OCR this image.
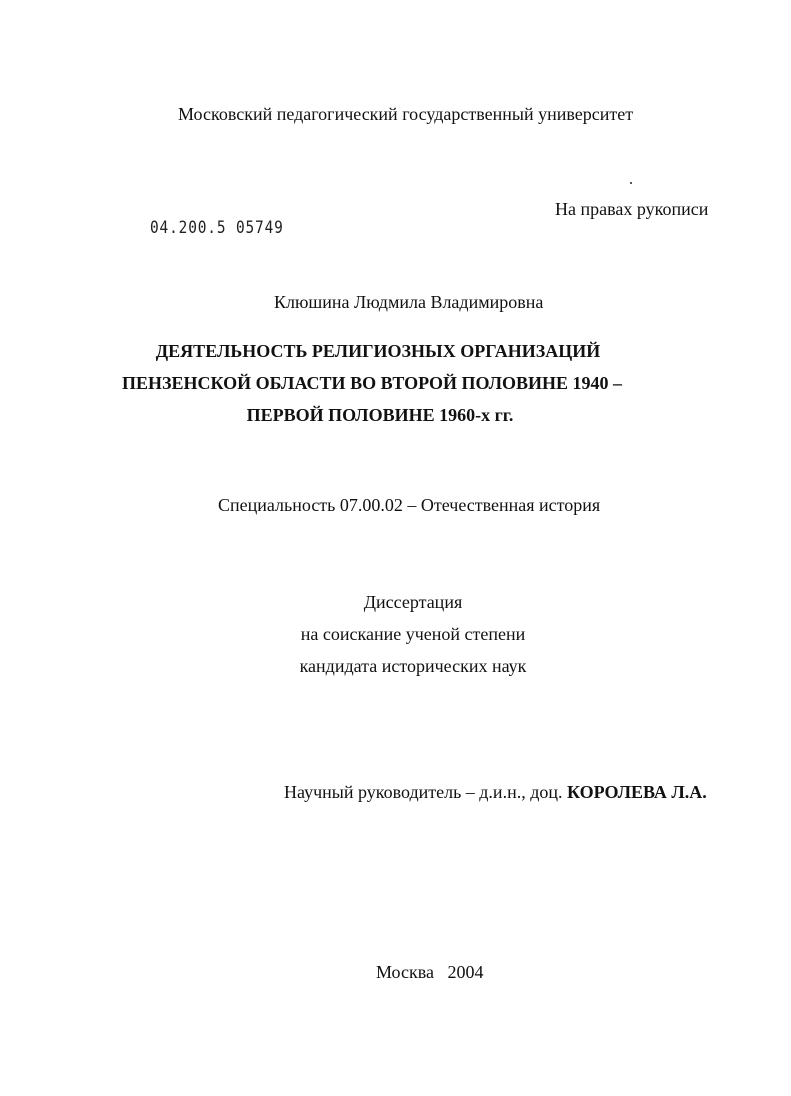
Московский педагогический государственный университет
На правах рукописи
04.200.5 05749
Клюшина Людмила Владимировна
ДЕЯТЕЛЬНОСТЬ РЕЛИГИОЗНЫХ ОРГАНИЗАЦИЙ
ПЕНЗЕНСКОЙ ОБЛАСТИ ВО ВТОРОЙ ПОЛОВИНЕ 1940 –
ПЕРВОЙ ПОЛОВИНЕ 1960-х гг.
Специальность 07.00.02 – Отечественная история
Диссертация
на соискание ученой степени
кандидата исторических наук
Научный руководитель – д.и.н., доц. КОРОЛЕВА Л.А.

Москва   2004
